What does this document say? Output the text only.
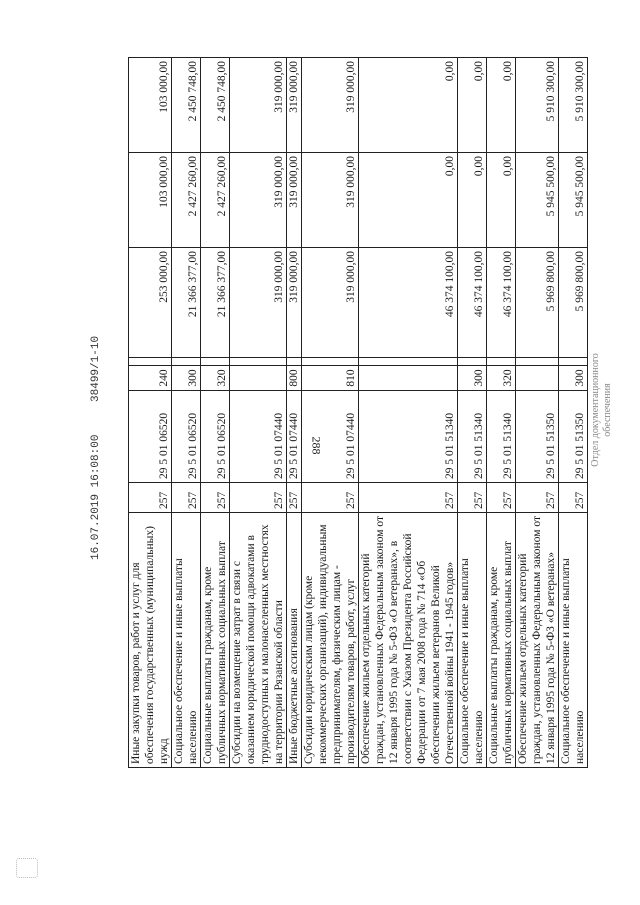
288
Иные закупки товаров, работ и услуг для обеспечения государственных (муниципальных) нужд	257	29 5 01 06520	240		253 000,00	103 000,00	103 000,00
Социальное обеспечение и иные выплаты населению	257	29 5 01 06520	300		21 366 377,00	2 427 260,00	2 450 748,00
Социальные выплаты гражданам, кроме публичных нормативных социальных выплат	257	29 5 01 06520	320		21 366 377,00	2 427 260,00	2 450 748,00
Субсидии на возмещение затрат в связи с оказанием юридической помощи адвокатами в труднодоступных и малонаселенных местностях на территории Рязанской области	257	29 5 01 07440			319 000,00	319 000,00	319 000,00
Иные бюджетные ассигнования	257	29 5 01 07440	800		319 000,00	319 000,00	319 000,00
Субсидии юридическим лицам (кроме некоммерческих организаций), индивидуальным предпринимателям, физическим лицам - производителям товаров, работ, услуг	257	29 5 01 07440	810		319 000,00	319 000,00	319 000,00
Обеспечение жильем отдельных категорий граждан, установленных Федеральным законом от 12 января 1995 года № 5-ФЗ «О ветеранах», в соответствии с Указом Президента Российской Федерации от 7 мая 2008 года № 714 «Об обеспечении жильем ветеранов Великой Отечественной войны 1941 - 1945 годов»	257	29 5 01 51340			46 374 100,00	0,00	0,00
Социальное обеспечение и иные выплаты населению	257	29 5 01 51340	300		46 374 100,00	0,00	0,00
Социальные выплаты гражданам, кроме публичных нормативных социальных выплат	257	29 5 01 51340	320		46 374 100,00	0,00	0,00
Обеспечение жильем отдельных категорий граждан, установленных Федеральным законом от 12 января 1995 года № 5-ФЗ «О ветеранах»	257	29 5 01 51350			5 969 800,00	5 945 500,00	5 910 300,00
Социальное обеспечение и иные выплаты населению	257	29 5 01 51350	300		5 969 800,00	5 945 500,00	5 910 300,00
16.07.2019 16:08:00 38499/1-10	Отдел документационного обеспечения
